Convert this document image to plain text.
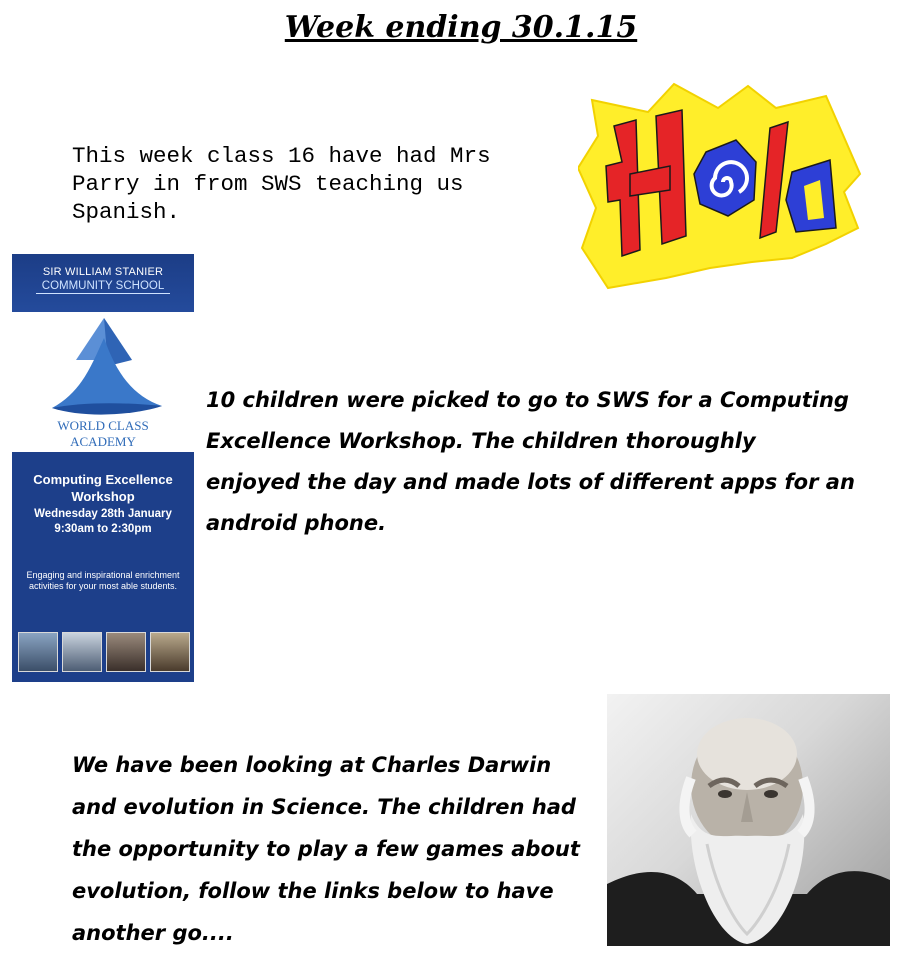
Week ending 30.1.15
This week class 16 have had Mrs Parry in from SWS teaching us Spanish.
SIR WILLIAM STANIER
COMMUNITY SCHOOL
WORLD CLASS
ACADEMY
Computing Excellence
Workshop
Wednesday 28th January
9:30am to 2:30pm
Engaging and inspirational enrichment activities for your most able students.
10 children were picked to go to SWS for a Computing Excellence Workshop. The children thoroughly enjoyed the day and made lots of different apps for an android phone.
We have been looking at Charles Darwin and evolution in Science. The children had the opportunity to play a few games about evolution, follow the links below to have another go....
